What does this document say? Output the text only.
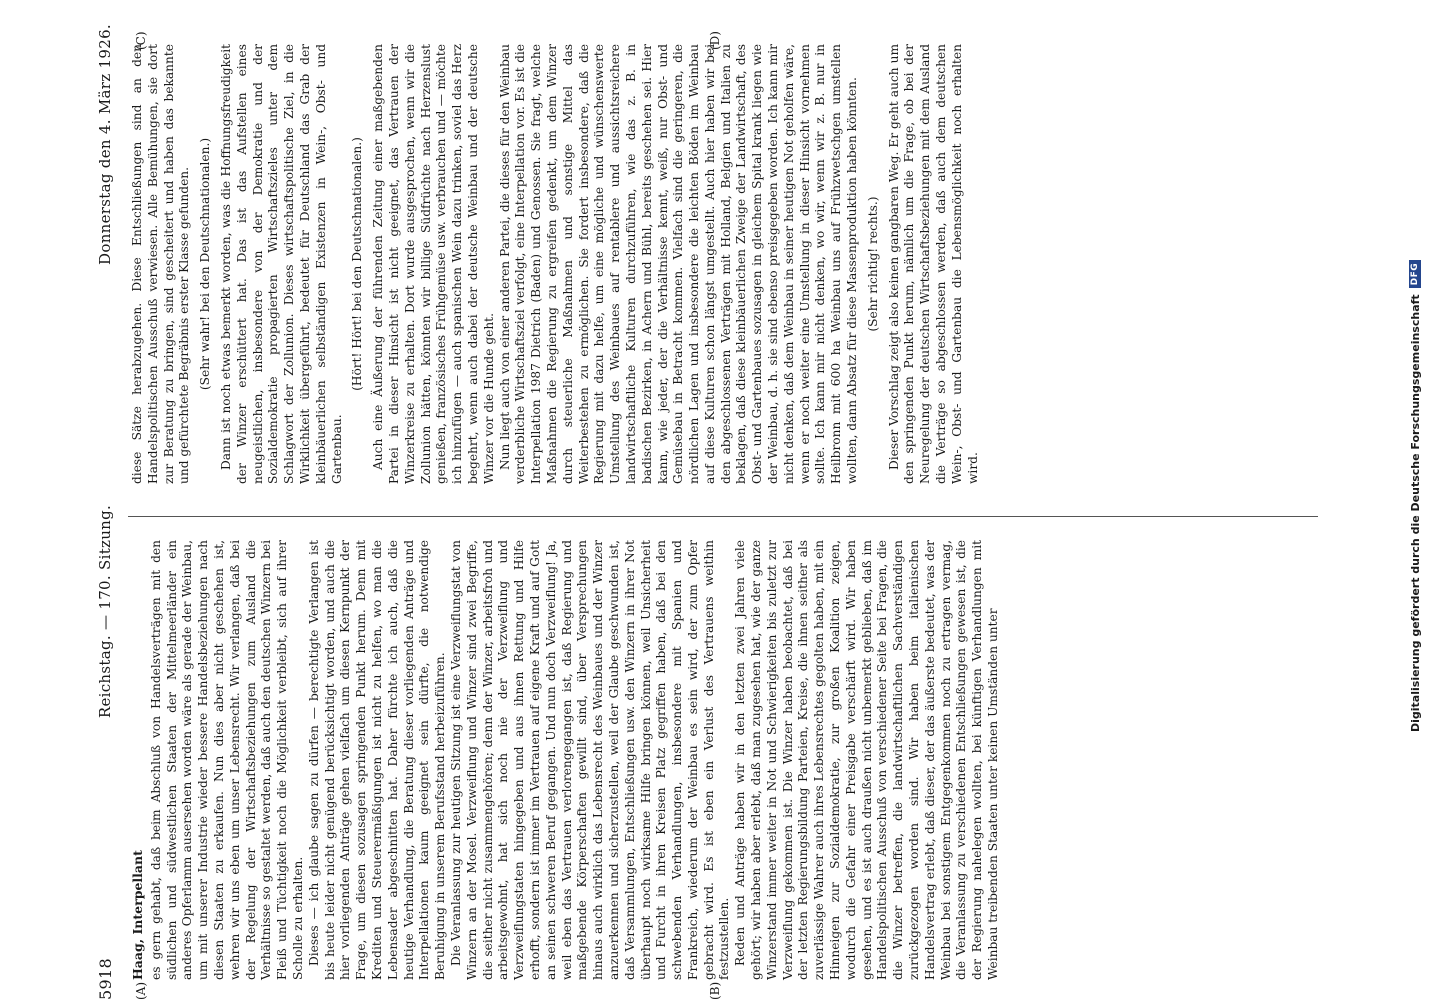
5918
Reichstag. — 170. Sitzung.
Donnerstag den 4. März 1926.
(A)	(B)
(C)	(D)
Haag, Interpellant es gern gehabt, daß beim Abschluß von Handelsverträgen mit den südlichen und südwestlichen Staaten der Mittelmeerländer ein anderes Opferlamm ausersehen worden wäre als gerade der Weinbau, um mit unserer Industrie wieder bessere Handelsbeziehungen nach diesen Staaten zu erkaufen. Nun dies aber nicht geschehen ist, wehren wir uns eben um unser Lebensrecht. Wir verlangen, daß bei der Regelung der Wirtschaftsbeziehungen zum Ausland die Verhältnisse so gestaltet werden, daß auch den deutschen Winzern bei Fleiß und Tüchtigkeit noch die Möglichkeit verbleibt, sich auf ihrer Scholle zu erhalten. Dieses — ich glaube sagen zu dürfen — berechtigte Verlangen ist bis heute leider nicht genügend berücksichtigt worden, und auch die hier vorliegenden Anträge gehen vielfach um diesen Kernpunkt der Frage, um diesen sozusagen springenden Punkt herum. Denn mit Krediten und Steuerermäßigungen ist nicht zu helfen, wo man die Lebensader abgeschnitten hat. Daher fürchte ich auch, daß die heutige Verhandlung, die Beratung dieser vorliegenden Anträge und Interpellationen kaum geeignet sein dürfte, die notwendige Beruhigung in unserem Berufsstand herbeizuführen. Die Veranlassung zur heutigen Sitzung ist eine Verzweiflungstat von Winzern an der Mosel. Verzweiflung und Winzer sind zwei Begriffe, die seither nicht zusammengehören; denn der Winzer, arbeitsfroh und arbeitsgewohnt, hat sich noch nie der Verzweiflung und Verzweiflungstaten hingegeben und aus ihnen Rettung und Hilfe erhofft, sondern ist immer im Vertrauen auf eigene Kraft und auf Gott an seinen schweren Beruf gegangen. Und nun doch Verzweiflung! Ja, weil eben das Vertrauen verlorengegangen ist, daß Regierung und maßgebende Körperschaften gewillt sind, über Versprechungen hinaus auch wirklich das Lebensrecht des Weinbaues und der Winzer anzuerkennen und sicherzustellen, weil der Glaube geschwunden ist, daß Versammlungen, Entschließungen usw. den Winzern in ihrer Not überhaupt noch wirksame Hilfe bringen können, weil Unsicherheit und Furcht in ihren Kreisen Platz gegriffen haben, daß bei den schwebenden Verhandlungen, insbesondere mit Spanien und Frankreich, wiederum der Weinbau es sein wird, der zum Opfer gebracht wird. Es ist eben ein Verlust des Vertrauens weithin festzustellen. Reden und Anträge haben wir in den letzten zwei Jahren viele gehört; wir haben aber erlebt, daß man zugesehen hat, wie der ganze Winzerstand immer weiter in Not und Schwierigkeiten bis zuletzt zur Verzweiflung gekommen ist. Die Winzer haben beobachtet, daß bei der letzten Regierungsbildung Parteien, Kreise, die ihnen seither als zuverlässige Wahrer auch ihres Lebensrechtes gegolten haben, mit ein Hinneigen zur Sozialdemokratie, zur großen Koalition zeigen, wodurch die Gefahr einer Preisgabe verschärft wird. Wir haben gesehen, und es ist auch draußen nicht unbemerkt geblieben, daß im Handelspolitischen Ausschuß von verschiedener Seite bei Fragen, die die Winzer betreffen, die landwirtschaftlichen Sachverständigen zurückgezogen worden sind. Wir haben beim italienischen Handelsvertrag erlebt, daß dieser, der das äußerste bedeutet, was der Weinbau bei sonstigem Entgegenkommen noch zu ertragen vermag, die Veranlassung zu verschiedenen Entschließungen gewesen ist, die der Regierung nahelegen wollten, bei künftigen Verhandlungen mit Weinbau treibenden Staaten unter keinen Umständen unter

diese Sätze herabzugehen. Diese Entschließungen sind an den Handelspolitischen Ausschuß verwiesen. Alle Bemühungen, sie dort zur Beratung zu bringen, sind gescheitert und haben das bekannte und gefürchtete Begräbnis erster Klasse gefunden. (Sehr wahr! bei den Deutschnationalen.) Dann ist noch etwas bemerkt worden, was die Hoffnungsfreudigkeit der Winzer erschüttert hat. Das ist das Aufstellen eines neugeistlichen, insbesondere von der Demokratie und der Sozialdemokratie propagierten Wirtschaftszieles unter dem Schlagwort der Zollunion. Dieses wirtschaftspolitische Ziel, in die Wirklichkeit übergeführt, bedeutet für Deutschland das Grab der kleinbäuerlichen selbständigen Existenzen in Wein-, Obst- und Gartenbau.

(Hört! Hört! bei den Deutschnationalen.) Auch eine Äußerung der führenden Zeitung einer maßgebenden Partei in dieser Hinsicht ist nicht geeignet, das Vertrauen der Winzerkreise zu erhalten. Dort wurde ausgesprochen, wenn wir die Zollunion hätten, könnten wir billige Südfrüchte nach Herzenslust genießen, französisches Frühgemüse usw. verbrauchen und — möchte ich hinzufügen — auch spanischen Wein dazu trinken, soviel das Herz begehrt, wenn auch dabei der deutsche Weinbau und der deutsche Winzer vor die Hunde geht. Nun liegt auch von einer anderen Partei, die dieses für den Weinbau verderbliche Wirtschaftsziel verfolgt, eine Interpellation vor. Es ist die Interpellation 1987 Dietrich (Baden) und Genossen. Sie fragt, welche Maßnahmen die Regierung zu ergreifen gedenkt, um dem Winzer durch steuerliche Maßnahmen und sonstige Mittel das Weiterbestehen zu ermöglichen. Sie fordert insbesondere, daß die Regierung mit dazu helfe, um eine mögliche und wünschenswerte Umstellung des Weinbaues auf rentablere und aussichtsreichere landwirtschaftliche Kulturen durchzuführen, wie das z. B. in badischen Bezirken, in Achern und Bühl, bereits geschehen sei. Hier kann, wie jeder, der die Verhältnisse kennt, weiß, nur Obst- und Gemüsebau in Betracht kommen. Vielfach sind die geringeren, die nördlichen Lagen und insbesondere die leichten Böden im Weinbau auf diese Kulturen schon längst umgestellt. Auch hier haben wir bei den abgeschlossenen Verträgen mit Holland, Belgien und Italien zu beklagen, daß diese kleinbäuerlichen Zweige der Landwirtschaft, des Obst- und Gartenbaues sozusagen in gleichem Spital krank liegen wie der Weinbau, d. h. sie sind ebenso preisgegeben worden. Ich kann mir nicht denken, daß dem Weinbau in seiner heutigen Not geholfen wäre, wenn er noch weiter eine Umstellung in dieser Hinsicht vornehmen sollte. Ich kann mir nicht denken, wo wir, wenn wir z. B. nur in Heilbronn mit 600 ha Weinbau uns auf Frühzwetschgen umstellen wollten, dann Absatz für diese Massenproduktion haben könnten. (Sehr richtig! rechts.) Dieser Vorschlag zeigt also keinen gangbaren Weg. Er geht auch um den springenden Punkt herum, nämlich um die Frage, ob bei der Neuregelung der deutschen Wirtschaftsbeziehungen mit dem Ausland die Verträge so abgeschlossen werden, daß auch dem deutschen Wein-, Obst- und Gartenbau die Lebensmöglichkeit noch erhalten wird.	Digitalisierung gefördert durch die Deutsche Forschungsgemeinschaft
DFG
